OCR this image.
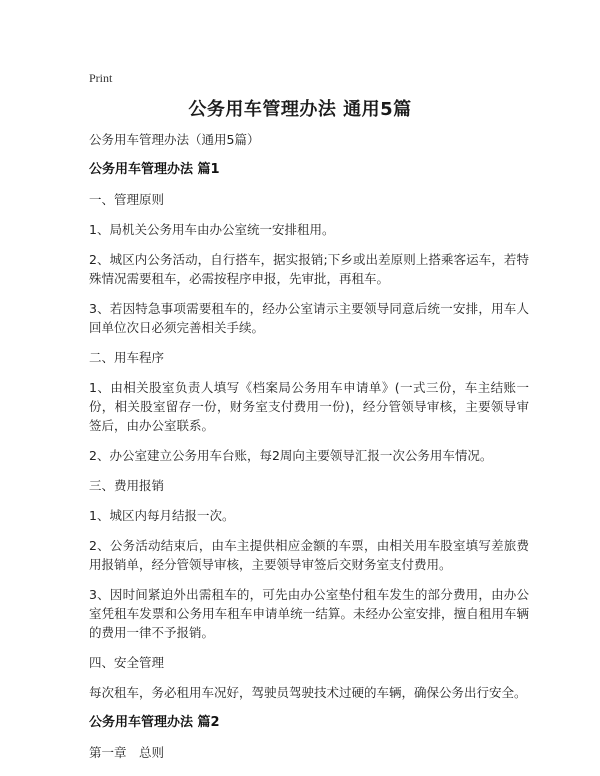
Print
公务用车管理办法 通用5篇

公务用车管理办法（通用5篇）

公务用车管理办法 篇1

一、管理原则

1、局机关公务用车由办公室统一安排租用。

2、城区内公务活动，自行搭车，据实报销;下乡或出差原则上搭乘客运车，若特殊情况需要租车，必需按程序申报，先审批，再租车。

3、若因特急事项需要租车的，经办公室请示主要领导同意后统一安排，用车人回单位次日必须完善相关手续。

二、用车程序

1、由相关股室负责人填写《档案局公务用车申请单》(一式三份，车主结账一份，相关股室留存一份，财务室支付费用一份)，经分管领导审核，主要领导审签后，由办公室联系。

2、办公室建立公务用车台账，每2周向主要领导汇报一次公务用车情况。

三、费用报销

1、城区内每月结报一次。

2、公务活动结束后，由车主提供相应金额的车票，由相关用车股室填写差旅费用报销单，经分管领导审核，主要领导审签后交财务室支付费用。

3、因时间紧迫外出需租车的，可先由办公室垫付租车发生的部分费用，由办公室凭租车发票和公务用车租车申请单统一结算。未经办公室安排，擅自租用车辆的费用一律不予报销。

四、安全管理

每次租车，务必租用车况好，驾驶员驾驶技术过硬的车辆，确保公务出行安全。

公务用车管理办法 篇2

第一章　总则
